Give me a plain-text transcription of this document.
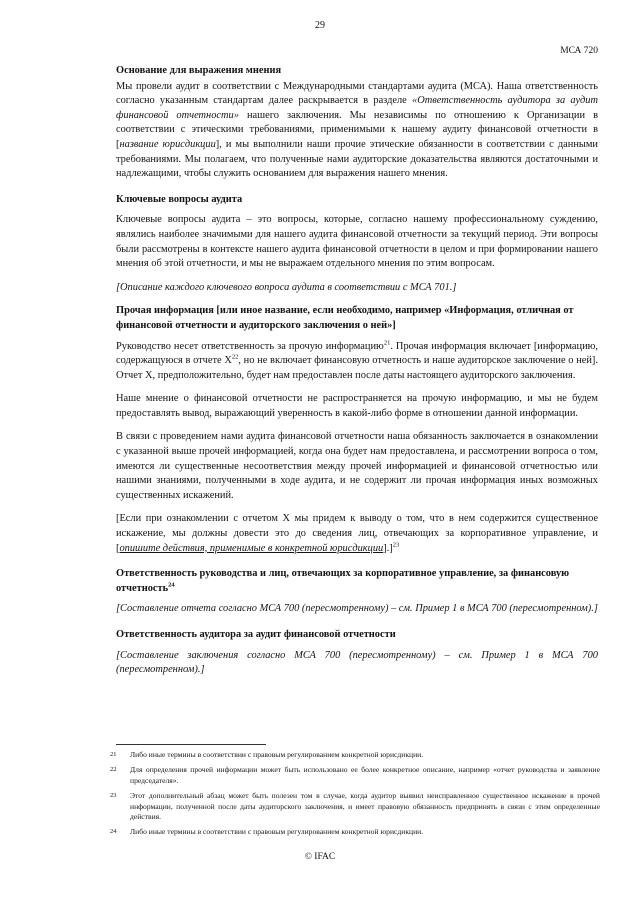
29
МСА 720
Основание для выражения мнения
Мы провели аудит в соответствии с Международными стандартами аудита (МСА). Наша ответственность согласно указанным стандартам далее раскрывается в разделе «Ответственность аудитора за аудит финансовой отчетности» нашего заключения. Мы независимы по отношению к Организации в соответствии с этическими требованиями, применимыми к нашему аудиту финансовой отчетности в [название юрисдикции], и мы выполнили наши прочие этические обязанности в соответствии с данными требованиями. Мы полагаем, что полученные нами аудиторские доказательства являются достаточными и надлежащими, чтобы служить основанием для выражения нашего мнения.
Ключевые вопросы аудита
Ключевые вопросы аудита – это вопросы, которые, согласно нашему профессиональному суждению, являлись наиболее значимыми для нашего аудита финансовой отчетности за текущий период. Эти вопросы были рассмотрены в контексте нашего аудита финансовой отчетности в целом и при формировании нашего мнения об этой отчетности, и мы не выражаем отдельного мнения по этим вопросам.
[Описание каждого ключевого вопроса аудита в соответствии с МСА 701.]
Прочая информация [или иное название, если необходимо, например «Информация, отличная от финансовой отчетности и аудиторского заключения о ней»]
Руководство несет ответственность за прочую информацию$^{21}$. Прочая информация включает [информацию, содержащуюся в отчете $X^{22}$, но не включает финансовую отчетность и наше аудиторское заключение о ней]. Отчет X, предположительно, будет нам предоставлен после даты настоящего аудиторского заключения.
Наше мнение о финансовой отчетности не распространяется на прочую информацию, и мы не будем предоставлять вывод, выражающий уверенность в какой-либо форме в отношении данной информации.
В связи с проведением нами аудита финансовой отчетности наша обязанность заключается в ознакомлении с указанной выше прочей информацией, когда она будет нам предоставлена, и рассмотрении вопроса о том, имеются ли существенные несоответствия между прочей информацией и финансовой отчетностью или нашими знаниями, полученными в ходе аудита, и не содержит ли прочая информация иных возможных существенных искажений.
[Если при ознакомлении с отчетом X мы придем к выводу о том, что в нем содержится существенное искажение, мы должны довести это до сведения лиц, отвечающих за корпоративное управление, и [опишите действия, применимые в конкретной юрисдикции].]$^{23}$
Ответственность руководства и лиц, отвечающих за корпоративное управление, за финансовую отчетность$^{24}$
[Составление отчета согласно МСА 700 (пересмотренному) – см. Пример 1 в МСА 700 (пересмотренном).]
Ответственность аудитора за аудит финансовой отчетности
[Составление заключения согласно МСА 700 (пересмотренному) – см. Пример 1 в МСА 700 (пересмотренном).]
21	Либо иные термины в соответствии с правовым регулированием конкретной юрисдикции.
22	Для определения прочей информации может быть использовано ее более конкретное описание, например «отчет руководства и заявление председателя».
23	Этот дополнительный абзац может быть полезен том в случае, когда аудитор выявил неисправленное существенное искажение в прочей информации, полученной после даты аудиторского заключения, и имеет правовую обязанность предпринять в связи с этим определенные действия.
24	Либо иные термины в соответствии с правовым регулированием конкретной юрисдикции.
© IFAC
